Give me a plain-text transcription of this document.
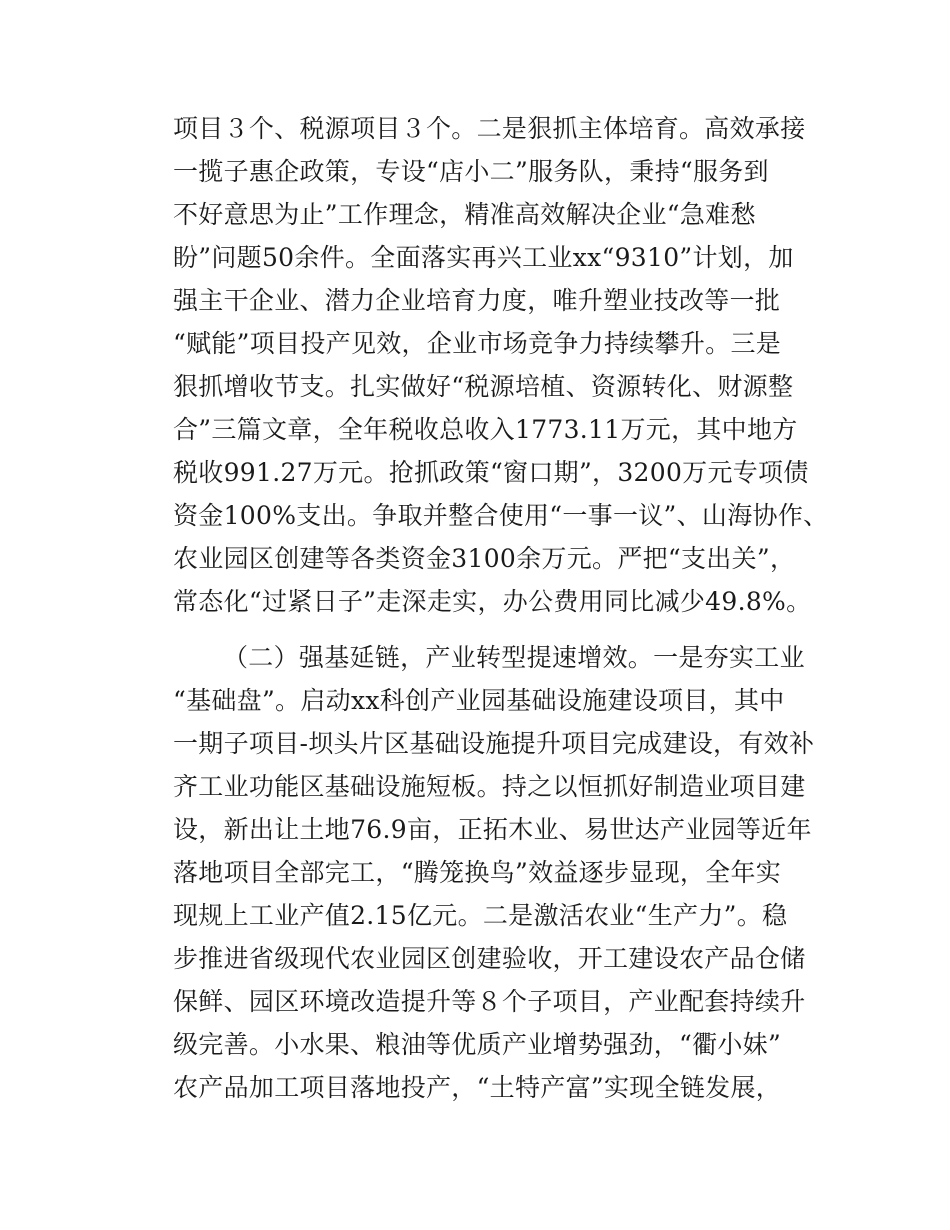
项目３个、税源项目３个。二是狠抓主体培育。高效承接
一揽子惠企政策，专设“店小二”服务队，秉持“服务到
不好意思为止”工作理念，精准高效解决企业“急难愁
盼”问题50余件。全面落实再兴工业xx“9310”计划，加
强主干企业、潜力企业培育力度，唯升塑业技改等一批
“赋能”项目投产见效，企业市场竞争力持续攀升。三是
狠抓增收节支。扎实做好“税源培植、资源转化、财源整
合”三篇文章，全年税收总收入1773.11万元，其中地方
税收991.27万元。抢抓政策“窗口期”，3200万元专项债
资金100%支出。争取并整合使用“一事一议”、山海协作、
农业园区创建等各类资金3100余万元。严把“支出关”，
常态化“过紧日子”走深走实，办公费用同比减少49.8%。
（二）强基延链，产业转型提速增效。一是夯实工业
“基础盘”。启动xx科创产业园基础设施建设项目，其中
一期子项目-坝头片区基础设施提升项目完成建设，有效补
齐工业功能区基础设施短板。持之以恒抓好制造业项目建
设，新出让土地76.9亩，正拓木业、易世达产业园等近年
落地项目全部完工，“腾笼换鸟”效益逐步显现，全年实
现规上工业产值2.15亿元。二是激活农业“生产力”。稳
步推进省级现代农业园区创建验收，开工建设农产品仓储
保鲜、园区环境改造提升等８个子项目，产业配套持续升
级完善。小水果、粮油等优质产业增势强劲，“衢小妹”
农产品加工项目落地投产，“土特产富”实现全链发展，
